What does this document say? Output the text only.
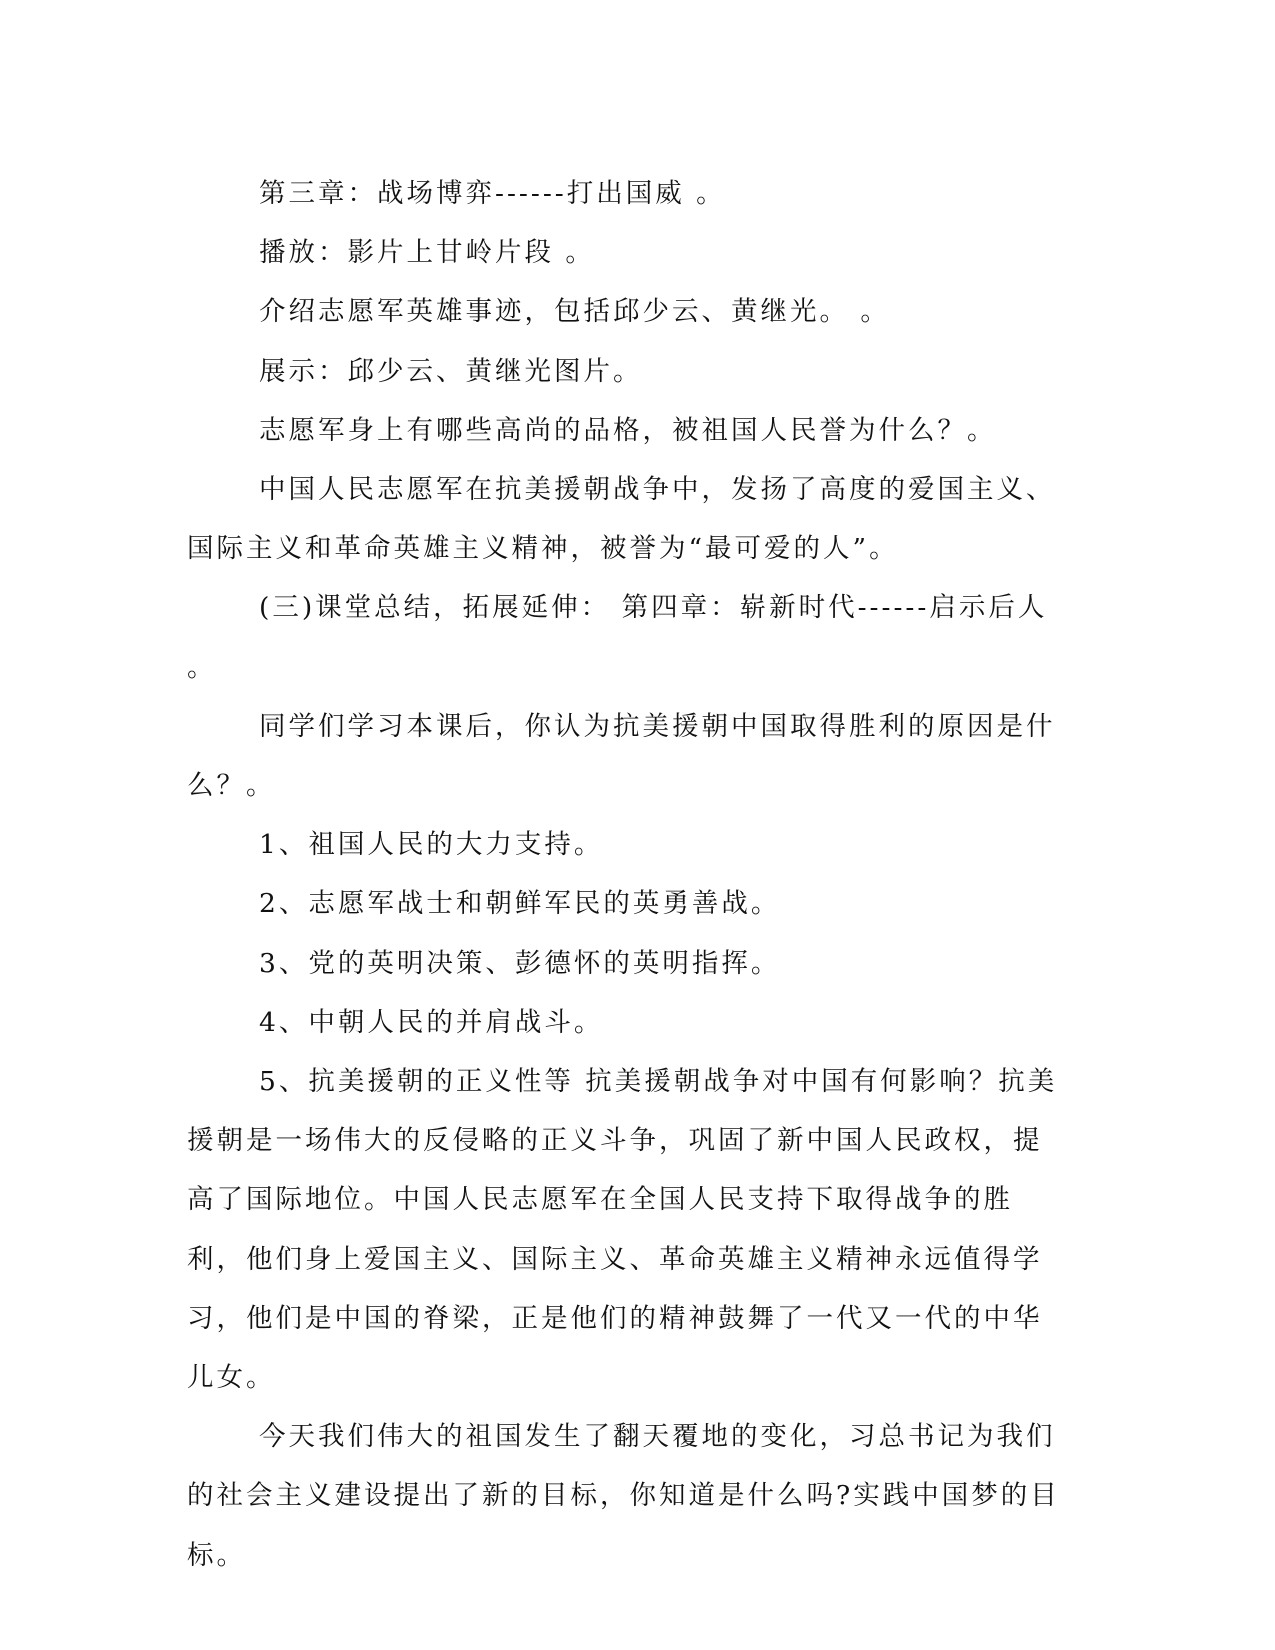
第三章：战场博弈------打出国威 。

播放：影片上甘岭片段 。

介绍志愿军英雄事迹，包括邱少云、黄继光。 。

展示：邱少云、黄继光图片。

志愿军身上有哪些高尚的品格，被祖国人民誉为什么？。

中国人民志愿军在抗美援朝战争中，发扬了高度的爱国主义、国际主义和革命英雄主义精神，被誉为“最可爱的人”。

(三)课堂总结，拓展延伸： 第四章：崭新时代------启示后人 。

同学们学习本课后，你认为抗美援朝中国取得胜利的原因是什么？。

1、祖国人民的大力支持。

2、志愿军战士和朝鲜军民的英勇善战。

3、党的英明决策、彭德怀的英明指挥。

4、中朝人民的并肩战斗。

5、抗美援朝的正义性等 抗美援朝战争对中国有何影响？抗美援朝是一场伟大的反侵略的正义斗争，巩固了新中国人民政权，提高了国际地位。中国人民志愿军在全国人民支持下取得战争的胜利，他们身上爱国主义、国际主义、革命英雄主义精神永远值得学习，他们是中国的脊梁，正是他们的精神鼓舞了一代又一代的中华儿女。

今天我们伟大的祖国发生了翻天覆地的变化，习总书记为我们的社会主义建设提出了新的目标，你知道是什么吗?实践中国梦的目标。
